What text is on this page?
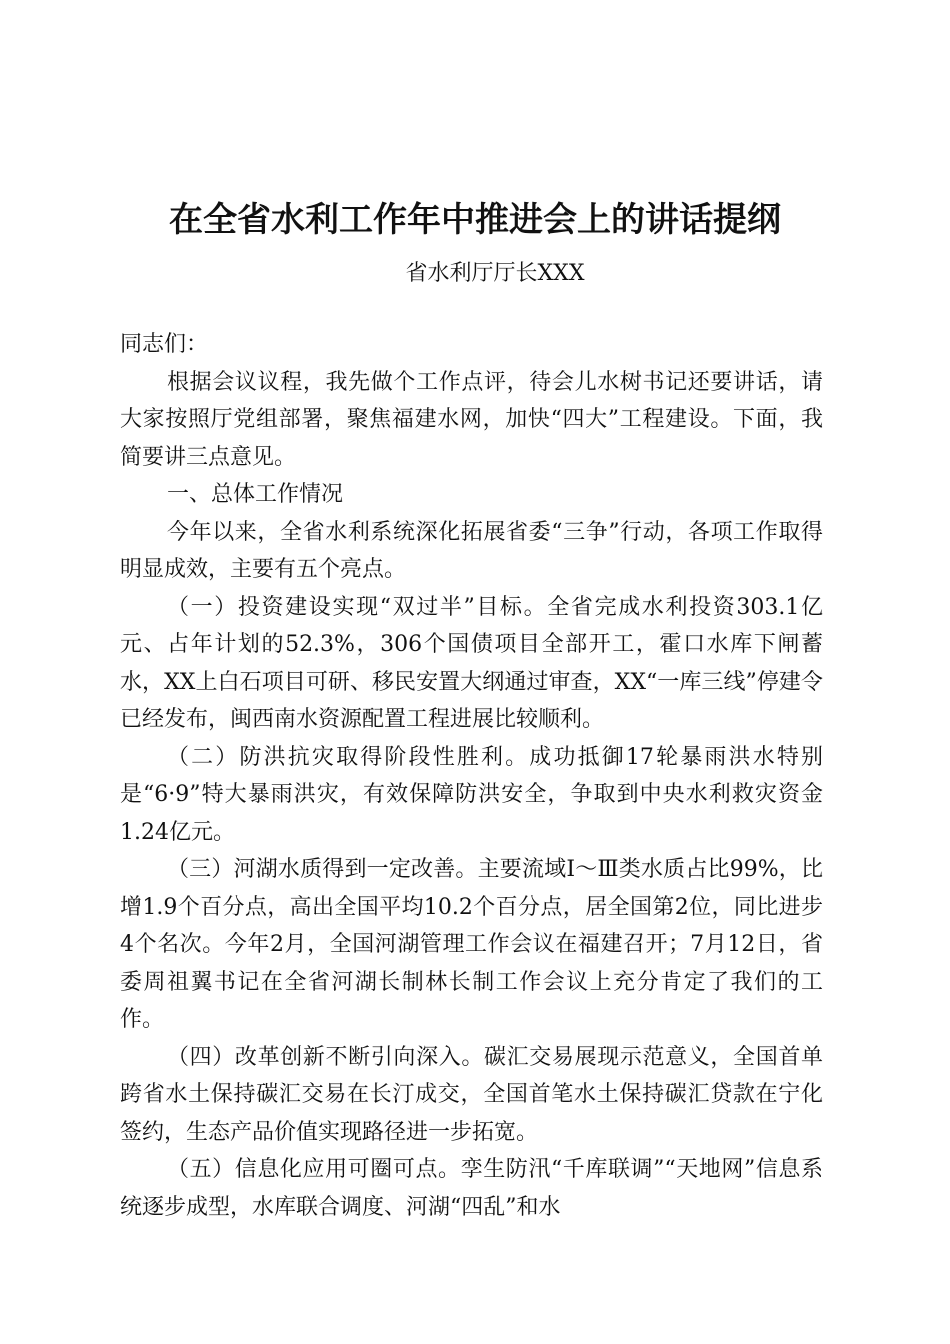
在全省水利工作年中推进会上的讲话提纲
省水利厅厅长XXX

同志们：

根据会议议程，我先做个工作点评，待会儿水树书记还要讲话，请大家按照厅党组部署，聚焦福建水网，加快“四大”工程建设。下面，我简要讲三点意见。

一、总体工作情况

今年以来，全省水利系统深化拓展省委“三争”行动，各项工作取得明显成效，主要有五个亮点。

（一）投资建设实现“双过半”目标。全省完成水利投资303.1亿元、占年计划的52.3%，306个国债项目全部开工，霍口水库下闸蓄水，XX上白石项目可研、移民安置大纲通过审查，XX“一库三线”停建令已经发布，闽西南水资源配置工程进展比较顺利。

（二）防洪抗灾取得阶段性胜利。成功抵御17轮暴雨洪水特别是“6·9”特大暴雨洪灾，有效保障防洪安全，争取到中央水利救灾资金1.24亿元。

（三）河湖水质得到一定改善。主要流域Ⅰ～Ⅲ类水质占比99%，比增1.9个百分点，高出全国平均10.2个百分点，居全国第2位，同比进步4个名次。今年2月，全国河湖管理工作会议在福建召开；7月12日，省委周祖翼书记在全省河湖长制林长制工作会议上充分肯定了我们的工作。

（四）改革创新不断引向深入。碳汇交易展现示范意义，全国首单跨省水土保持碳汇交易在长汀成交，全国首笔水土保持碳汇贷款在宁化签约，生态产品价值实现路径进一步拓宽。

（五）信息化应用可圈可点。孪生防汛“千库联调”“天地网”信息系统逐步成型，水库联合调度、河湖“四乱”和水
